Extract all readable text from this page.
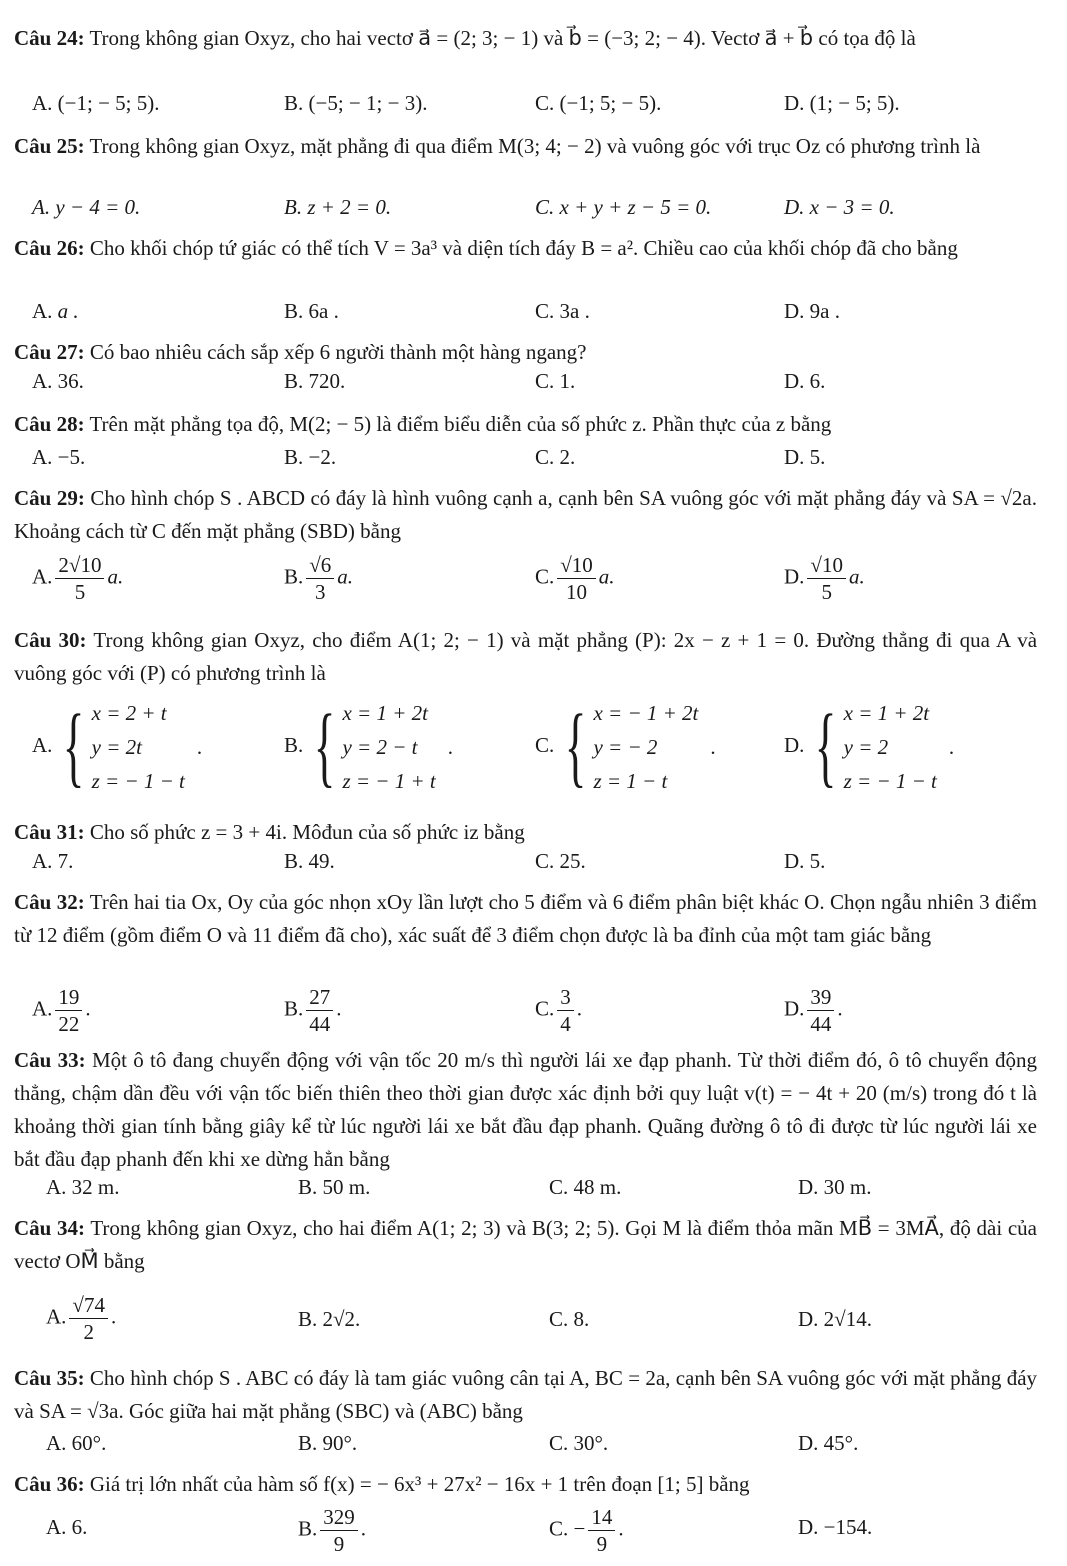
Câu 24: Trong không gian Oxyz, cho hai vectơ a⃗ = (2; 3; − 1) và b⃗ = (−3; 2; − 4). Vectơ a⃗ + b⃗ có tọa độ là
A. (−1; − 5; 5).	B. (−5; − 1; − 3).	C. (−1; 5; − 5).	D. (1; − 5; 5).
Câu 25: Trong không gian Oxyz, mặt phẳng đi qua điểm M(3; 4; − 2) và vuông góc với trục Oz có phương trình là
A. y − 4 = 0.	B. z + 2 = 0.	C. x + y + z − 5 = 0.	D. x − 3 = 0.
Câu 26: Cho khối chóp tứ giác có thể tích V = 3a³ và diện tích đáy B = a². Chiều cao của khối chóp đã cho bằng
A. a .	B. 6a .	C. 3a .	D. 9a .
Câu 27: Có bao nhiêu cách sắp xếp 6 người thành một hàng ngang?
A. 36.	B. 720.	C. 1.	D. 6.
Câu 28: Trên mặt phẳng tọa độ, M(2; − 5) là điểm biểu diễn của số phức z. Phần thực của z bằng
A. −5.	B. −2.	C. 2.	D. 5.
Câu 29: Cho hình chóp S . ABCD có đáy là hình vuông cạnh a, cạnh bên SA vuông góc với mặt phẳng đáy và SA = √2a. Khoảng cách từ C đến mặt phẳng (SBD) bằng
A. $\frac{2√10}{5} a$.	B. $\frac{√6}{3} a$.	C. $\frac{√10}{10} a$.	D. $\frac{√10}{5} a$.
Câu 30: Trong không gian Oxyz, cho điểm A(1; 2; − 1) và mặt phẳng (P): 2x − z + 1 = 0. Đường thẳng đi qua A và vuông góc với (P) có phương trình là
A. { x = 2 + t
y = 2t
z = − 1 − t
.	B. { x = 1 + 2t
y = 2 − t
z = − 1 + t
.	C. { x = − 1 + 2t
y = − 2
z = 1 − t
.	D. { x = 1 + 2t
y = 2
z = − 1 − t
.
Câu 31: Cho số phức z = 3 + 4i. Môđun của số phức iz bằng
A. 7.	B. 49.	C. 25.	D. 5.
Câu 32: Trên hai tia Ox, Oy của góc nhọn xOy lần lượt cho 5 điểm và 6 điểm phân biệt khác O. Chọn ngẫu nhiên 3 điểm từ 12 điểm (gồm điểm O và 11 điểm đã cho), xác suất để 3 điểm chọn được là ba đỉnh của một tam giác bằng
A. $\frac{19}{22}$ .	B. $\frac{27}{44}$ .	C. $\frac{3}{4}$ .	D. $\frac{39}{44}$ .
Câu 33: Một ô tô đang chuyển động với vận tốc 20 m/s thì người lái xe đạp phanh. Từ thời điểm đó, ô tô chuyển động thẳng, chậm dần đều với vận tốc biến thiên theo thời gian được xác định bởi quy luật v(t) = − 4t + 20 (m/s) trong đó t là khoảng thời gian tính bằng giây kể từ lúc người lái xe bắt đầu đạp phanh. Quãng đường ô tô đi được từ lúc người lái xe bắt đầu đạp phanh đến khi xe dừng hẳn bằng
A. 32 m.	B. 50 m.	C. 48 m.	D. 30 m.
Câu 34: Trong không gian Oxyz, cho hai điểm A(1; 2; 3) và B(3; 2; 5). Gọi M là điểm thỏa mãn MB⃗ = 3MA⃗, độ dài của vectơ OM⃗ bằng
A. $\frac{√74}{2}$ .	B. 2√2.	C. 8.	D. 2√14.
Câu 35: Cho hình chóp S . ABC có đáy là tam giác vuông cân tại A, BC = 2a, cạnh bên SA vuông góc với mặt phẳng đáy và SA = √3a. Góc giữa hai mặt phẳng (SBC) và (ABC) bằng
A. 60°.	B. 90°.	C. 30°.	D. 45°.
Câu 36: Giá trị lớn nhất của hàm số f(x) = − 6x³ + 27x² − 16x + 1 trên đoạn [1; 5] bằng
A. 6.	B. $\frac{329}{9}$ .	C. − $\frac{14}{9}$ .	D. −154.
